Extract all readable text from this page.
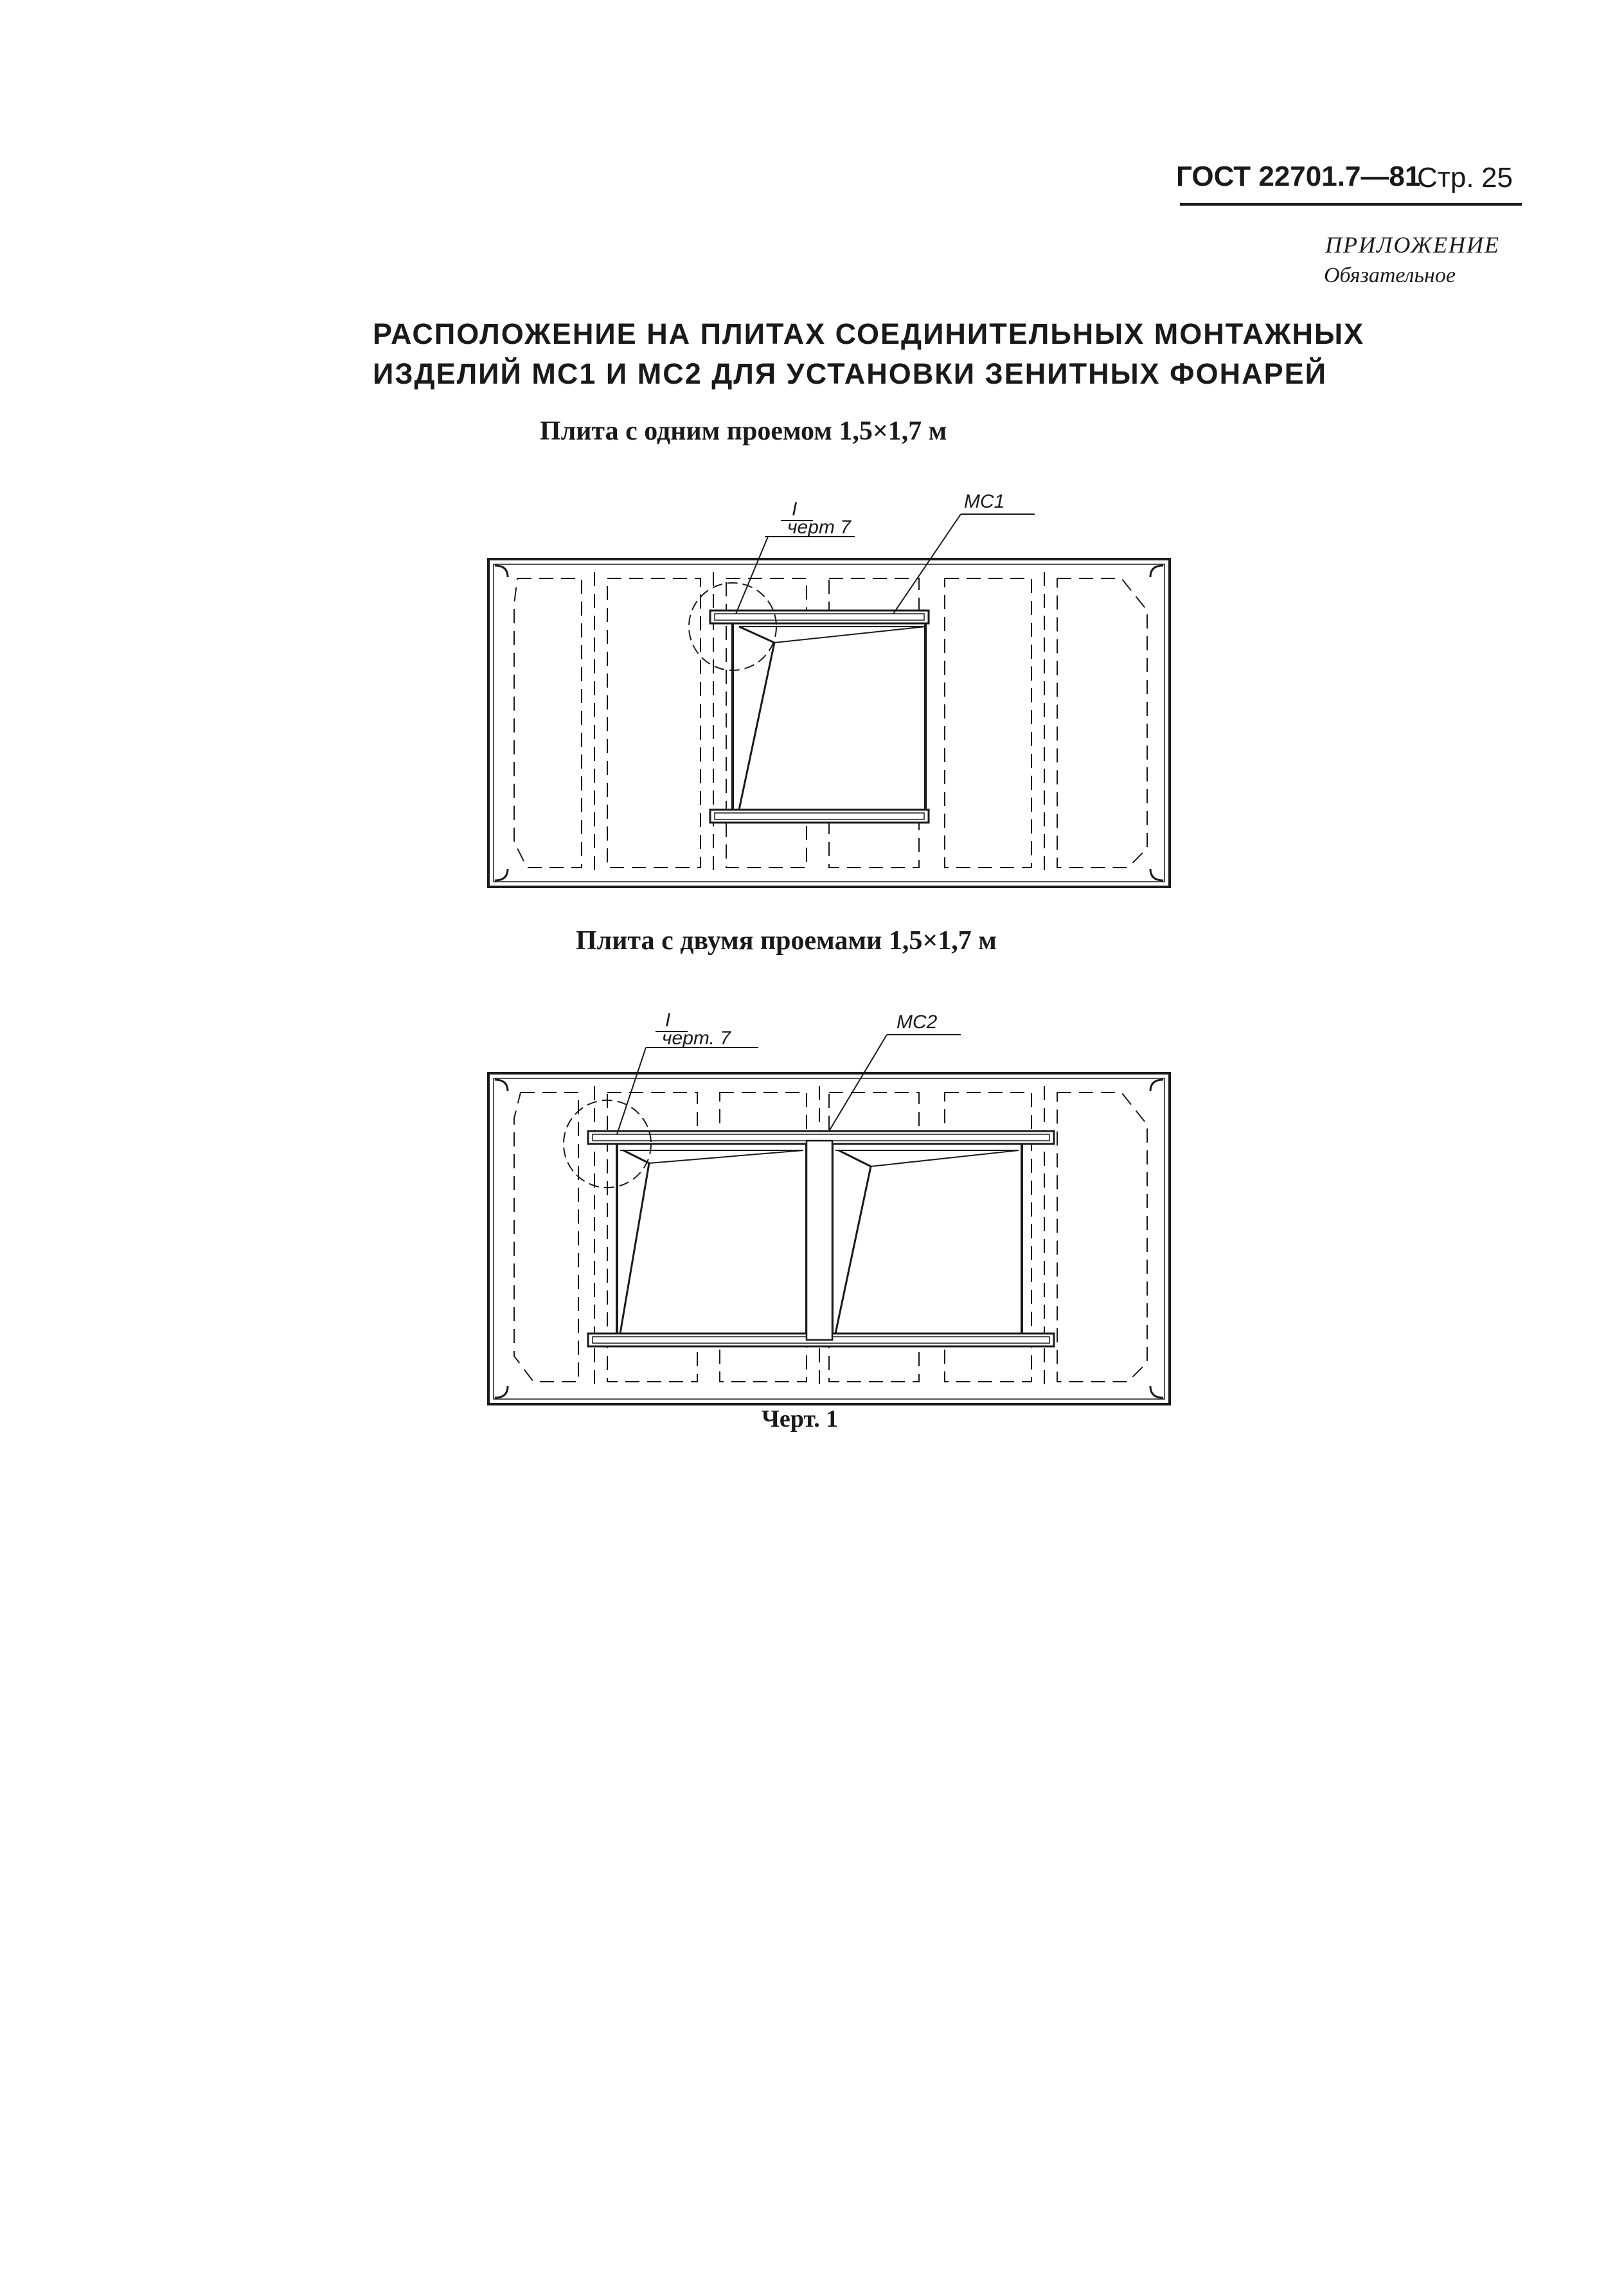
ГОСТ 22701.7—81
Стр. 25
ПРИЛОЖЕНИЕ
Обязательное
РАСПОЛОЖЕНИЕ НА ПЛИТАХ СОЕДИНИТЕЛЬНЫХ МОНТАЖНЫХ
ИЗДЕЛИЙ МС1 И МС2 ДЛЯ УСТАНОВКИ ЗЕНИТНЫХ ФОНАРЕЙ
Плита с одним проемом 1,5×1,7 м
I
черт 7
МС1
Плита с двумя проемами 1,5×1,7 м
I
черт. 7
МС2
Черт. 1
